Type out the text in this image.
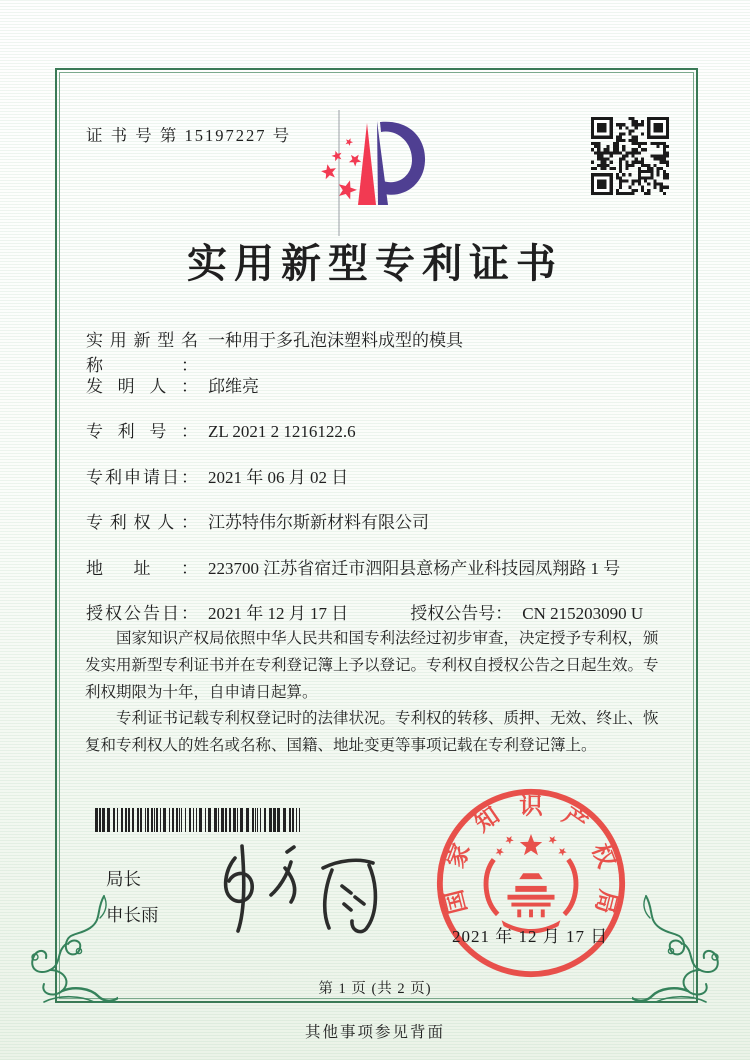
证 书 号 第 15197227 号
实用新型专利证书
实用新型名称：
一种用于多孔泡沫塑料成型的模具
发明人： 邱维亮
专利号： ZL 2021 2 1216122.6
专利申请日： 2021 年 06 月 02 日
专利权人： 江苏特伟尔斯新材料有限公司
地址： 223700 江苏省宿迁市泗阳县意杨产业科技园凤翔路 1 号
授权公告日： 2021 年 12 月 17 日	授权公告号： CN 215203090 U

国家知识产权局依照中华人民共和国专利法经过初步审查，决定授予专利权，颁发实用新型专利证书并在专利登记簿上予以登记。专利权自授权公告之日起生效。专利权期限为十年，自申请日起算。

专利证书记载专利权登记时的法律状况。专利权的转移、质押、无效、终止、恢复和专利权人的姓名或名称、国籍、地址变更等事项记载在专利登记簿上。

局长
申长雨	国
家
知 识 产
权
局
2021 年 12 月 17 日
第 1 页 (共 2 页)
其他事项参见背面
